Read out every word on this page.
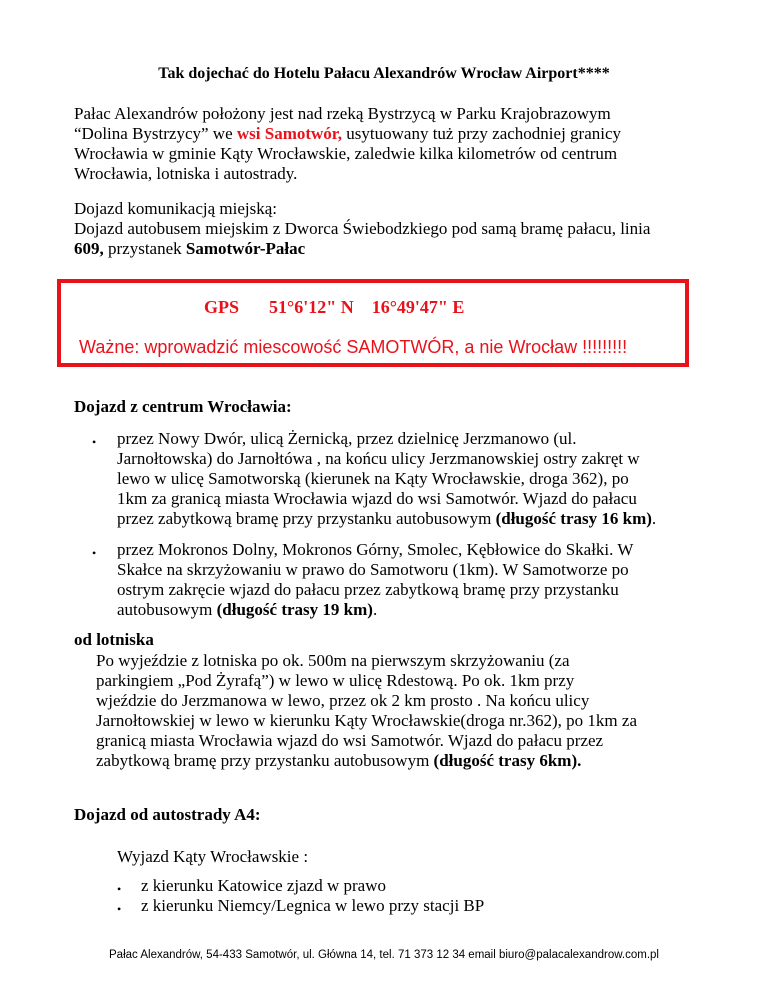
Tak dojechać do Hotelu Pałacu Alexandrów Wrocław Airport****
Pałac Alexandrów położony jest nad rzeką Bystrzycą w Parku Krajobrazowym
“Dolina Bystrzycy” we wsi Samotwór, usytuowany tuż przy zachodniej granicy
Wrocławia w gminie Kąty Wrocławskie, zaledwie kilka kilometrów od centrum
Wrocławia, lotniska i autostrady.
Dojazd komunikacją miejską:
Dojazd autobusem miejskim z Dworca Świebodzkiego pod samą bramę pałacu, linia
609, przystanek Samotwór-Pałac
GPS 51°6'12" N 16°49'47" E
Ważne: wprowadzić miescowość SAMOTWÓR, a nie Wrocław !!!!!!!!!
Dojazd z centrum Wrocławia:
• przez Nowy Dwór, ulicą Żernicką, przez dzielnicę Jerzmanowo (ul.
Jarnołtowska) do Jarnołtówa , na końcu ulicy Jerzmanowskiej ostry zakręt w
lewo w ulicę Samotworską (kierunek na Kąty Wrocławskie, droga 362), po
1km za granicą miasta Wrocławia wjazd do wsi Samotwór. Wjazd do pałacu
przez zabytkową bramę przy przystanku autobusowym (długość trasy 16 km).
• przez Mokronos Dolny, Mokronos Górny, Smolec, Kębłowice do Skałki. W
Skałce na skrzyżowaniu w prawo do Samotworu (1km). W Samotworze po
ostrym zakręcie wjazd do pałacu przez zabytkową bramę przy przystanku
autobusowym (długość trasy 19 km).
od lotniska
Po wyjeździe z lotniska po ok. 500m na pierwszym skrzyżowaniu (za
parkingiem „Pod Żyrafą”) w lewo w ulicę Rdestową. Po ok. 1km przy
wjeździe do Jerzmanowa w lewo, przez ok 2 km prosto . Na końcu ulicy
Jarnołtowskiej w lewo w kierunku Kąty Wrocławskie(droga nr.362), po 1km za
granicą miasta Wrocławia wjazd do wsi Samotwór. Wjazd do pałacu przez
zabytkową bramę przy przystanku autobusowym (długość trasy 6km).
Dojazd od autostrady A4:
Wyjazd Kąty Wrocławskie :
• z kierunku Katowice zjazd w prawo
• z kierunku Niemcy/Legnica w lewo przy stacji BP
Pałac Alexandrów, 54-433 Samotwór, ul. Główna 14, tel. 71 373 12 34 email biuro@palacalexandrow.com.pl
